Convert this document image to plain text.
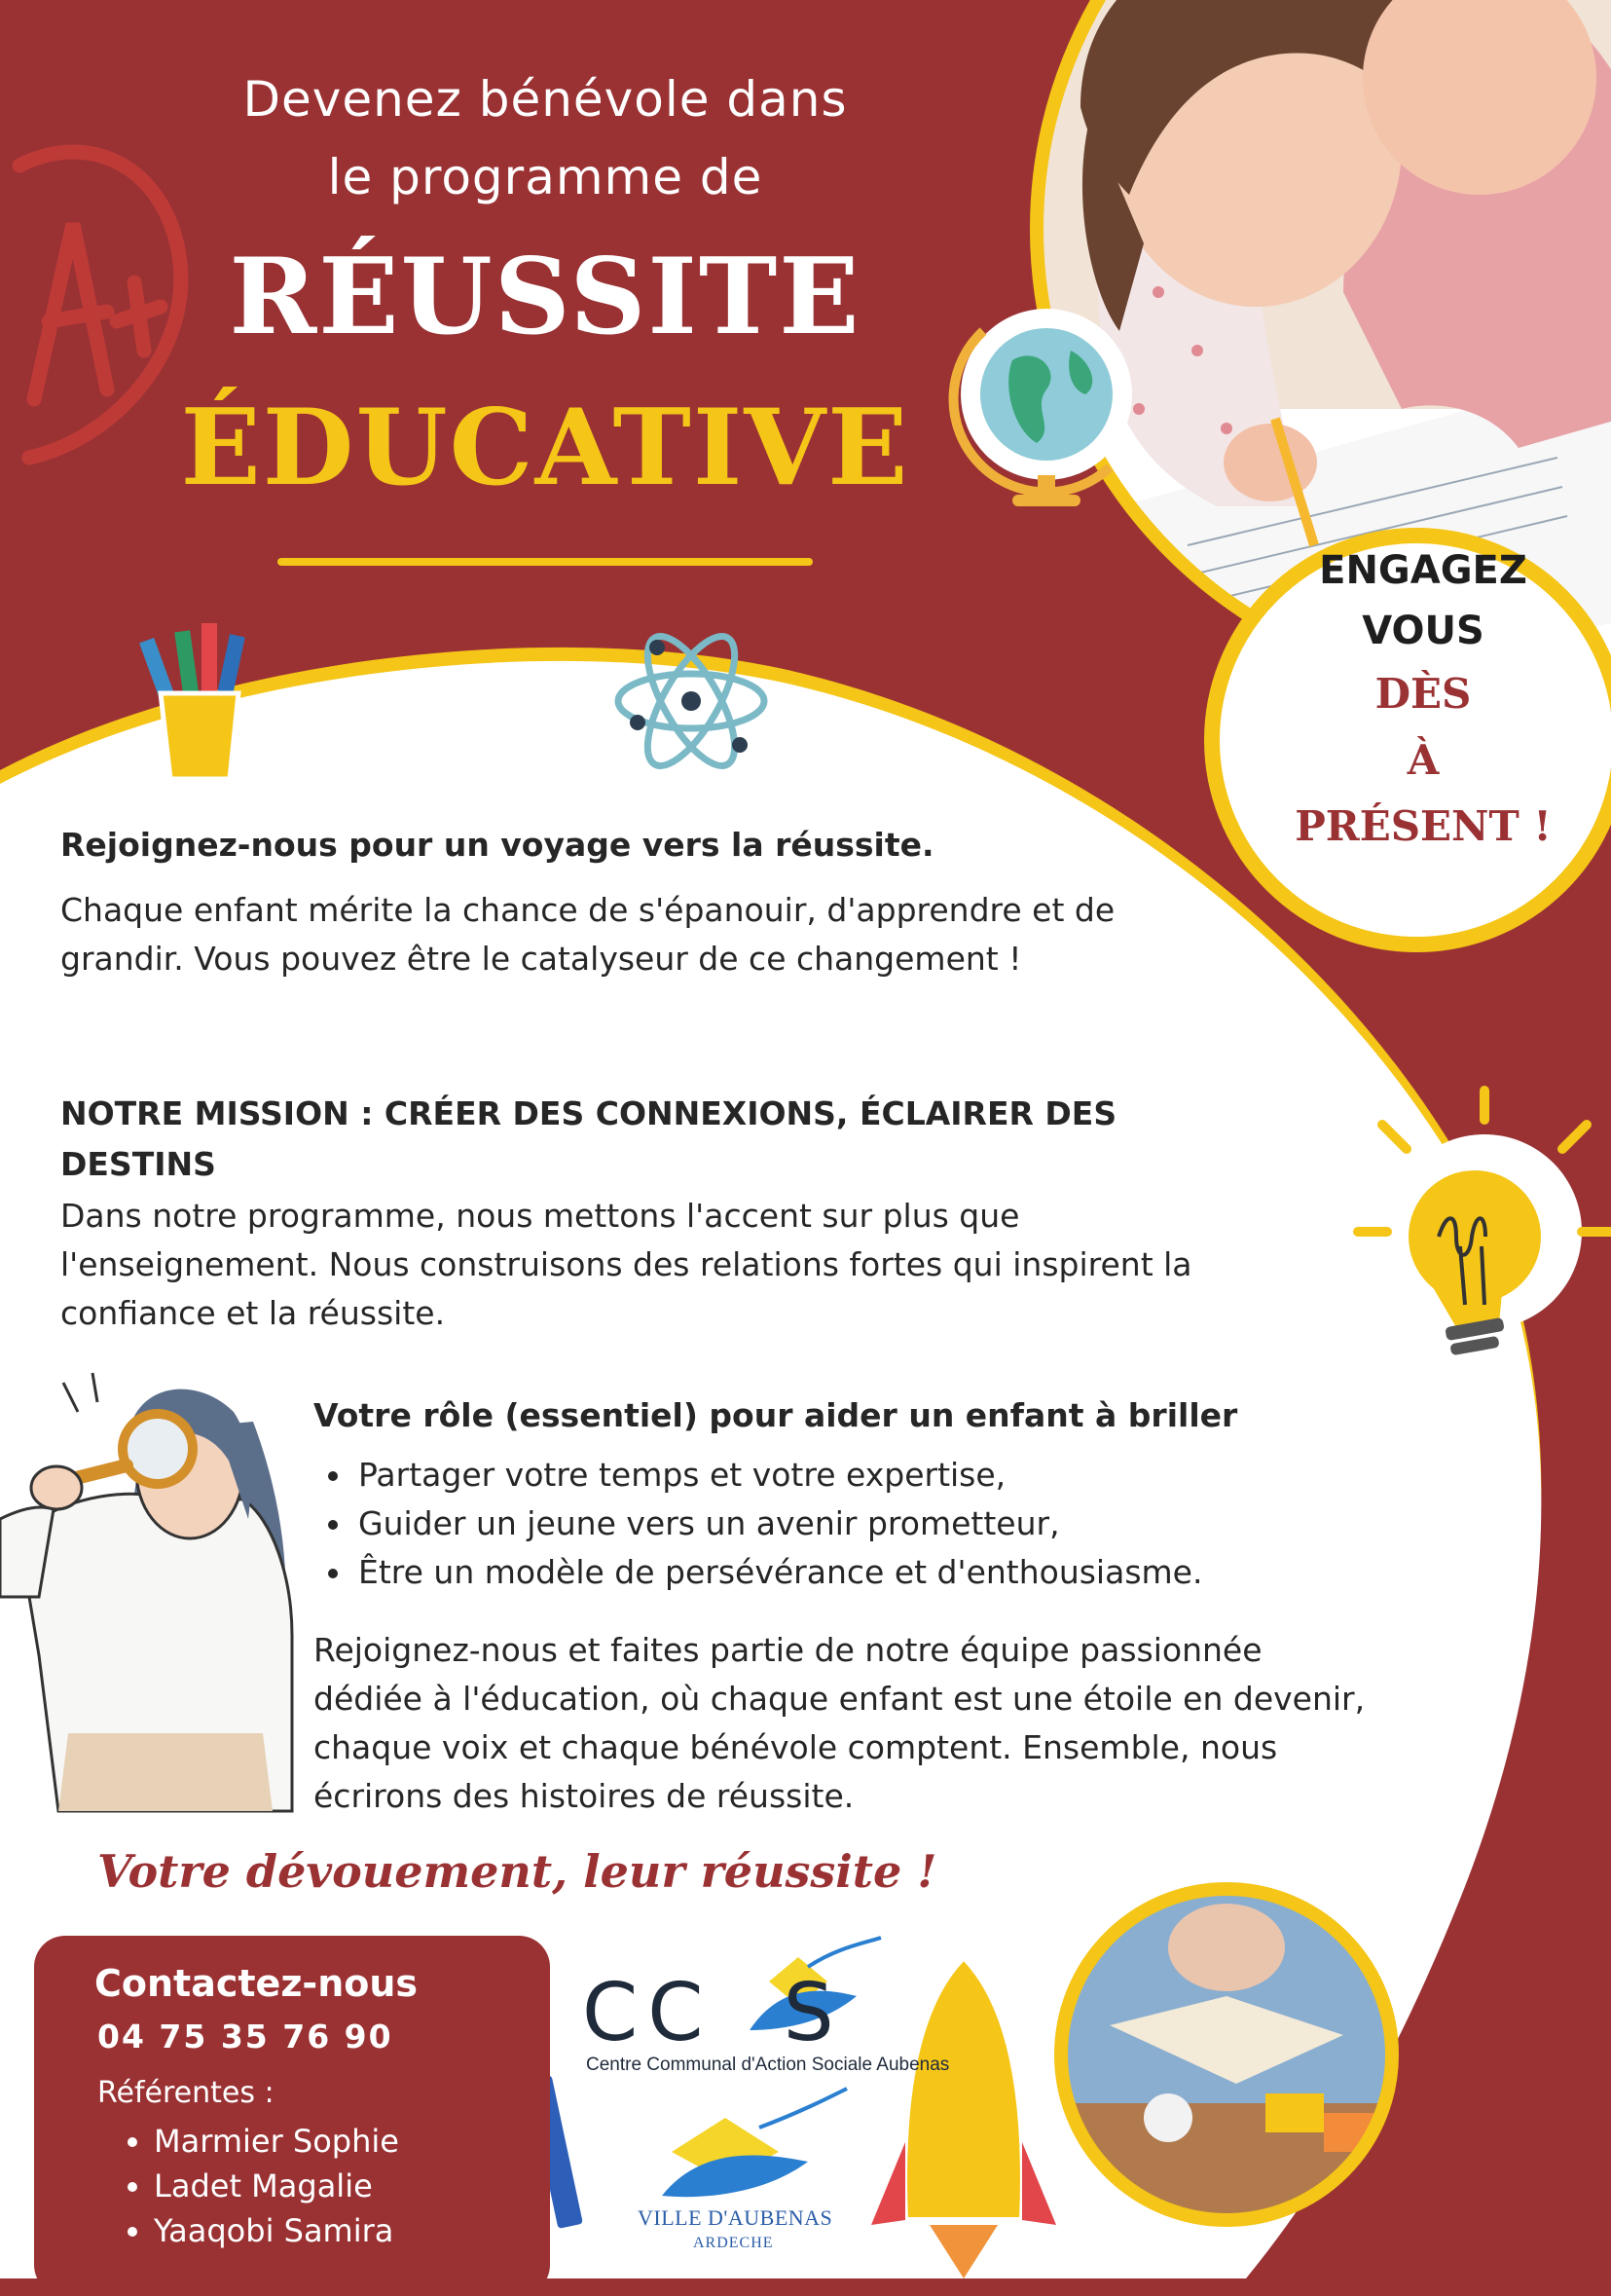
Devenez bénévole dans
le programme de
RÉUSSITE
ÉDUCATIVE
ENGAGEZ
VOUS
DÈS
À
PRÉSENT !

Rejoignez-nous pour un voyage vers la réussite.

Chaque enfant mérite la chance de s'épanouir, d'apprendre et de grandir. Vous pouvez être le catalyseur de ce changement !

NOTRE MISSION : CRÉER DES CONNEXIONS, ÉCLAIRER DES DESTINS

Dans notre programme, nous mettons l'accent sur plus que l'enseignement. Nous construisons des relations fortes qui inspirent la confiance et la réussite.

Votre rôle (essentiel) pour aider un enfant à briller

• Partager votre temps et votre expertise,
• Guider un jeune vers un avenir prometteur,
• Être un modèle de persévérance et d'enthousiasme.

Rejoignez-nous et faites partie de notre équipe passionnée dédiée à l'éducation, où chaque enfant est une étoile en devenir, chaque voix et chaque bénévole comptent. Ensemble, nous écrirons des histoires de réussite.

Votre dévouement, leur réussite !
Contactez-nous
04 75 35 76 90
Référentes :
• Marmier Sophie
• Ladet Magalie
• Yaaqobi Samira
CC  S
Centre Communal d'Action Sociale Aubenas
VILLE D'AUBENAS
ARDECHE
